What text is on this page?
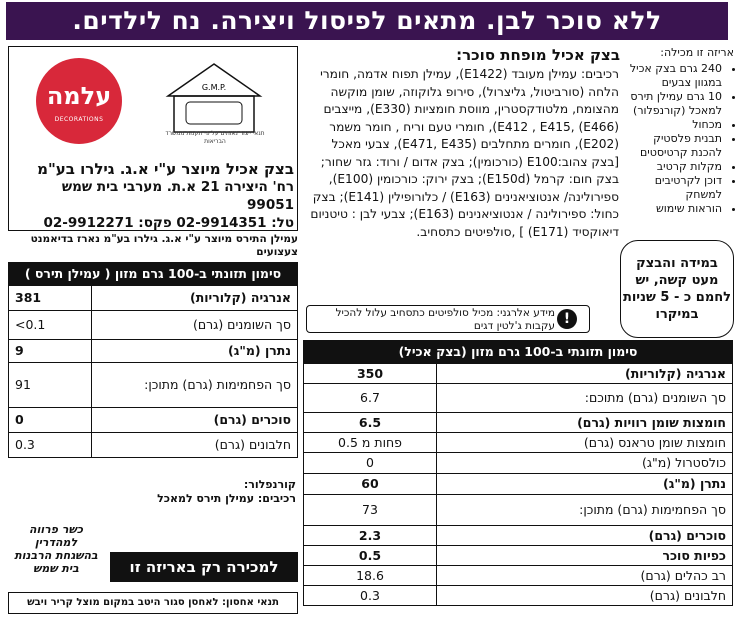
ללא סוכר לבן. מתאים לפיסול ויצירה. נח לילדים.
אריזה זו מכילה:
• 240 גרם בצק אכיל במגוון צבעים
• 10 גרם עמילן תירס למאכל (קורנפלור)
• מכחול
• תבנית פלסטיק להכנת קרטיסטים
• מקלות קרטיב
• דוכן לקרטיבים למשחק
• הוראות שימוש
במידה והבצק מעט קשה, יש לחמם כ - 5 שניות במיקרו
בצק אכיל מופחת סוכר:
רכיבים: עמילן מעובד (E1422), עמילן תפוח אדמה, חומרי הלחה (סורביטול, גליצרול), סירופ גלוקוזה, שומן מוקשה מהצומח, מלטודקסטרין, מווסת חומציות (E330), מייצבים (E466) ,E412 , E415), חומרי טעם וריח , חומר משמר (E202), חומרים מתחלבים (E471, E435), צבעי מאכל [בצק צהוב:E100 (כורכומין); בצק אדום / ורוד: גזר שחור; בצק חום: קרמל (E150d); בצק ירוק: כורכומין (E100), ספירולינה/ אנטוציאנינים (E163) / כלורופילין (E141); בצק כחול: ספירולינה / אנטוציאנינים (E163); צבעי לבן : טיטניום דיאוקסיד (E171) ] ,סולפיטים כתסחיב.
מידע אלרגני: מכיל סולפיטים כתסחיב עלול להכיל עקבות ג'לטין דגים !
עלמה
DECORATIONS
G.M.P.
תנאי ייצור נאותים על פי תקנות ממשרד הבריאות
בצק אכיל מיוצר ע"י א.ג. גילרו בע"מ
רח' היצירה 21 א.ת. מערבי בית שמש 99051
טל: 02-9914351 פקס: 02-9912271
עמילן התירס מיוצר ע"י א.ג. גילרו בע"מ נארז בדיאמנט צעצועים
סימון תזונתי ב-100 גרם מזון ( עמילן תירס )
אנרגיה (קלוריות)
381
סך השומנים (גרם)
<0.1
נתרן (מ"ג)
9
סך הפחמימות (גרם) מתוכן:
91
סוכרים (גרם)
0
חלבונים (גרם)
0.3
קורנפלור:
רכיבים: עמילן תירס למאכל
כשר פרווה למהדרין בהשגחת הרבנות בית שמש	למכירה רק באריזה זו
תנאי אחסון: לאחסן סגור היטב במקום מוצל קריר ויבש
סימון תזונתי ב-100 גרם מזון (בצק אכיל)
אנרגיה (קלוריות)
350
סך השומנים (גרם) מתוכם:
6.7
חומצות שומן רוויות (גרם)
6.5
חומצות שומן טראנס (גרם)
פחות מ 0.5
כולסטרול (מ"ג)
0
נתרן (מ"ג)
60
סך הפחמימות (גרם) מתוכן:
73
סוכרים (גרם)
2.3
כפיות סוכר
0.5
רב כהלים (גרם)
18.6
חלבונים (גרם)
0.3
